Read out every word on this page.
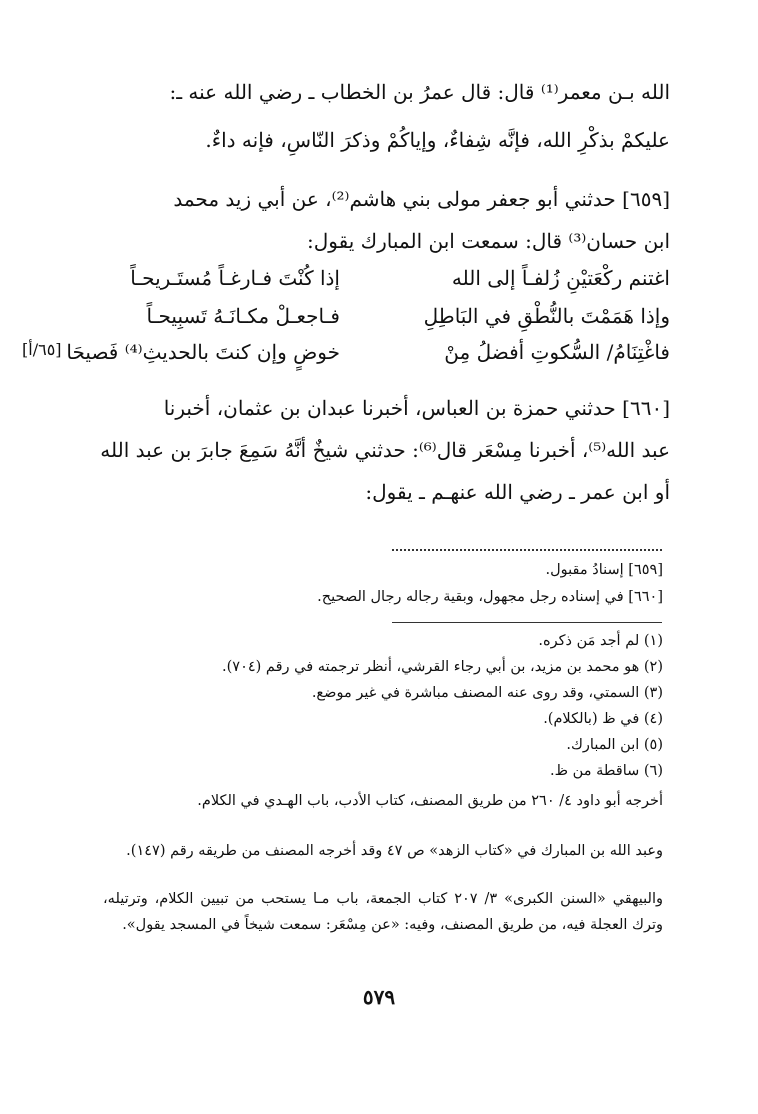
الله بـن معمر⁽¹⁾ قال: قال عمرُ بن الخطاب ـ رضي الله عنه ـ:
عليكمْ بذكْرِ الله، فإنَّه شِفاءٌ، وإياكُمْ وذكرَ النّاسِ، فإنه داءٌ.
[٦٥٩] حدثني أبو جعفر مولى بني هاشم⁽²⁾، عن أبي زيد محمد
ابن حسان⁽³⁾ قال: سمعت ابن المبارك يقول:
اغتنم ركْعَتيْنِ زُلفـاً إلى الله
إذا كُنْتَ فـارغـاً مُستَـريحـاً
وإذا هَمَمْتَ بالنُّطْقِ في البَاطِلِ
فـاجعـلْ مكـانَـهُ تَسبِيحـاً
فاغْتِنَامُ/ السُّكوتِ أفضلُ مِنْ
خوضٍ وإن كنتَ بالحديثِ⁽⁴⁾ فَصيحَا
[٦٥/أ]
[٦٦٠] حدثني حمزة بن العباس، أخبرنا عبدان بن عثمان، أخبرنا
عبد الله⁽⁵⁾، أخبرنا مِسْعَر قال⁽⁶⁾: حدثني شيخٌ أنَّهُ سَمِعَ جابرَ بن عبد الله
أو ابن عمر ـ رضي الله عنهـم ـ يقول:
[٦٥٩] إسنادُ مقبول.
[٦٦٠] في إسناده رجل مجهول، وبقية رجاله رجال الصحيح.
(١) لم أجد مَن ذكره.
(٢) هو محمد بن مزيد، بن أبي رجاء القرشي، أنظر ترجمته في رقم (٧٠٤).
(٣) السمتي، وقد روى عنه المصنف مباشرة في غير موضع.
(٤) في ظ (بالكلام).
(٥) ابن المبارك.
(٦) ساقطة من ظ.
أخرجه أبو داود ٤/ ٢٦٠ من طريق المصنف، كتاب الأدب، باب الهـدي في الكلام.
وعبد الله بن المبارك في «كتاب الزهد» ص ٤٧ وقد أخرجه المصنف من طريقه رقم (١٤٧).
والبيهقي «السنن الكبرى» ٣/ ٢٠٧ كتاب الجمعة، باب مـا يستحب من تبيين الكلام، وترتيله، وترك العجلة فيه، من طريق المصنف، وفيه: «عن مِسْعَر: سمعت شيخاً في المسجد يقول».
٥٧٩
